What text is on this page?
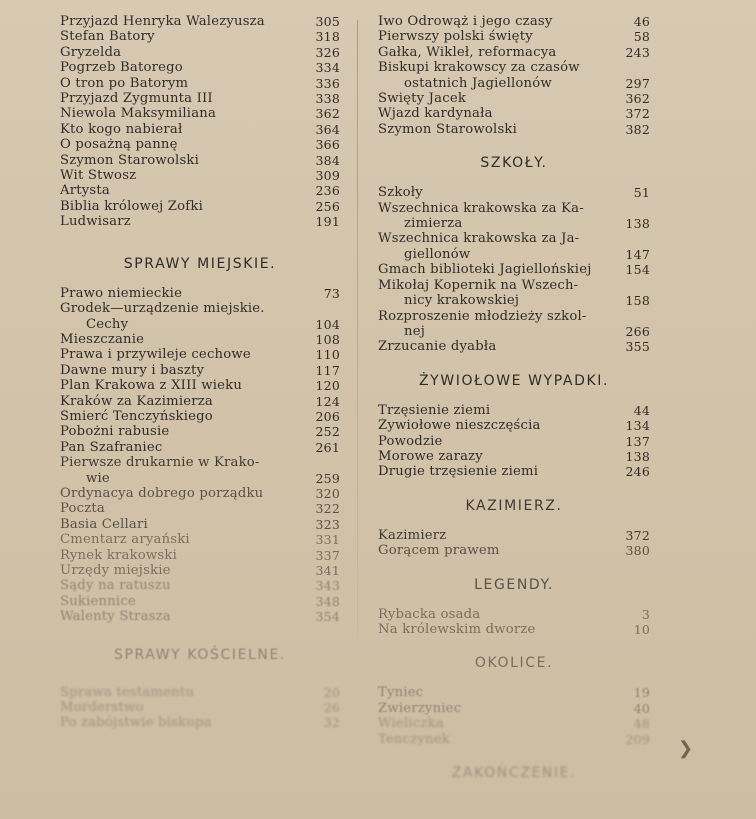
Przyjazd Henryka Walezyusza	305
Stefan Batory	318
Gryzelda	326
Pogrzeb Batorego	334
O tron po Batorym	336
Przyjazd Zygmunta III	338
Niewola Maksymiliana	362
Kto kogo nabierał	364
O posażną pannę	366
Szymon Starowolski	384
Wit Stwosz	309
Artysta	236
Biblia królowej Zofki	256
Ludwisarz	191
SPRAWY MIEJSKIE.
Prawo niemieckie	73
Grodek—urządzenie miejskie.
Cechy	104
Mieszczanie	108
Prawa i przywileje cechowe	110
Dawne mury i baszty	117
Plan Krakowa z XIII wieku	120
Kraków za Kazimierza	124
Śmierć Tenczyńskiego	206
Pobożni rabusie	252
Pan Szafraniec	261
Pierwsze drukarnie w Krako-
wie	259
Ordynacya dobrego porządku	320
Poczta	322
Basia Cellari	323
Cmentarz aryański	331
Rynek krakowski	337
Urzędy miejskie	341
Sądy na ratuszu	343
Sukiennice	348
Walenty Strasza	354
SPRAWY KOŚCIELNE.
Sprawa testamentu	20
Morderstwo	26
Po zabójstwie biskupa	32
Iwo Odrowąż i jego czasy	46
Pierwszy polski święty	58
Gałka, Wikleł, reformacya	243
Biskupi krakowscy za czasów
ostatnich Jagiellonów	297
Święty Jacek	362
Wjazd kardynała	372
Szymon Starowolski	382
SZKOŁY.
Szkoły	51
Wszechnica krakowska za Ka-
zimierza	138
Wszechnica krakowska za Ja-
giellonów	147
Gmach biblioteki Jagiellońskiej	154
Mikołaj Kopernik na Wszech-
nicy krakowskiej	158
Rozproszenie młodzieży szkol-
nej	266
Zrzucanie dyabła	355
ŻYWIOŁOWE WYPADKI.
Trzęsienie ziemi	44
Żywiołowe nieszczęścia	134
Powodzie	137
Morowe zarazy	138
Drugie trzęsienie ziemi	246
KAZIMIERZ.
Kazimierz	372
Gorącem prawem	380
LEGENDY.
Rybacka osada	3
Na królewskim dworze	10
OKOLICE.
Tyniec	19
Zwierzyniec	40
Wieliczka	48
Tenczynek	209
ZAKOŃCZENIE.
❯
